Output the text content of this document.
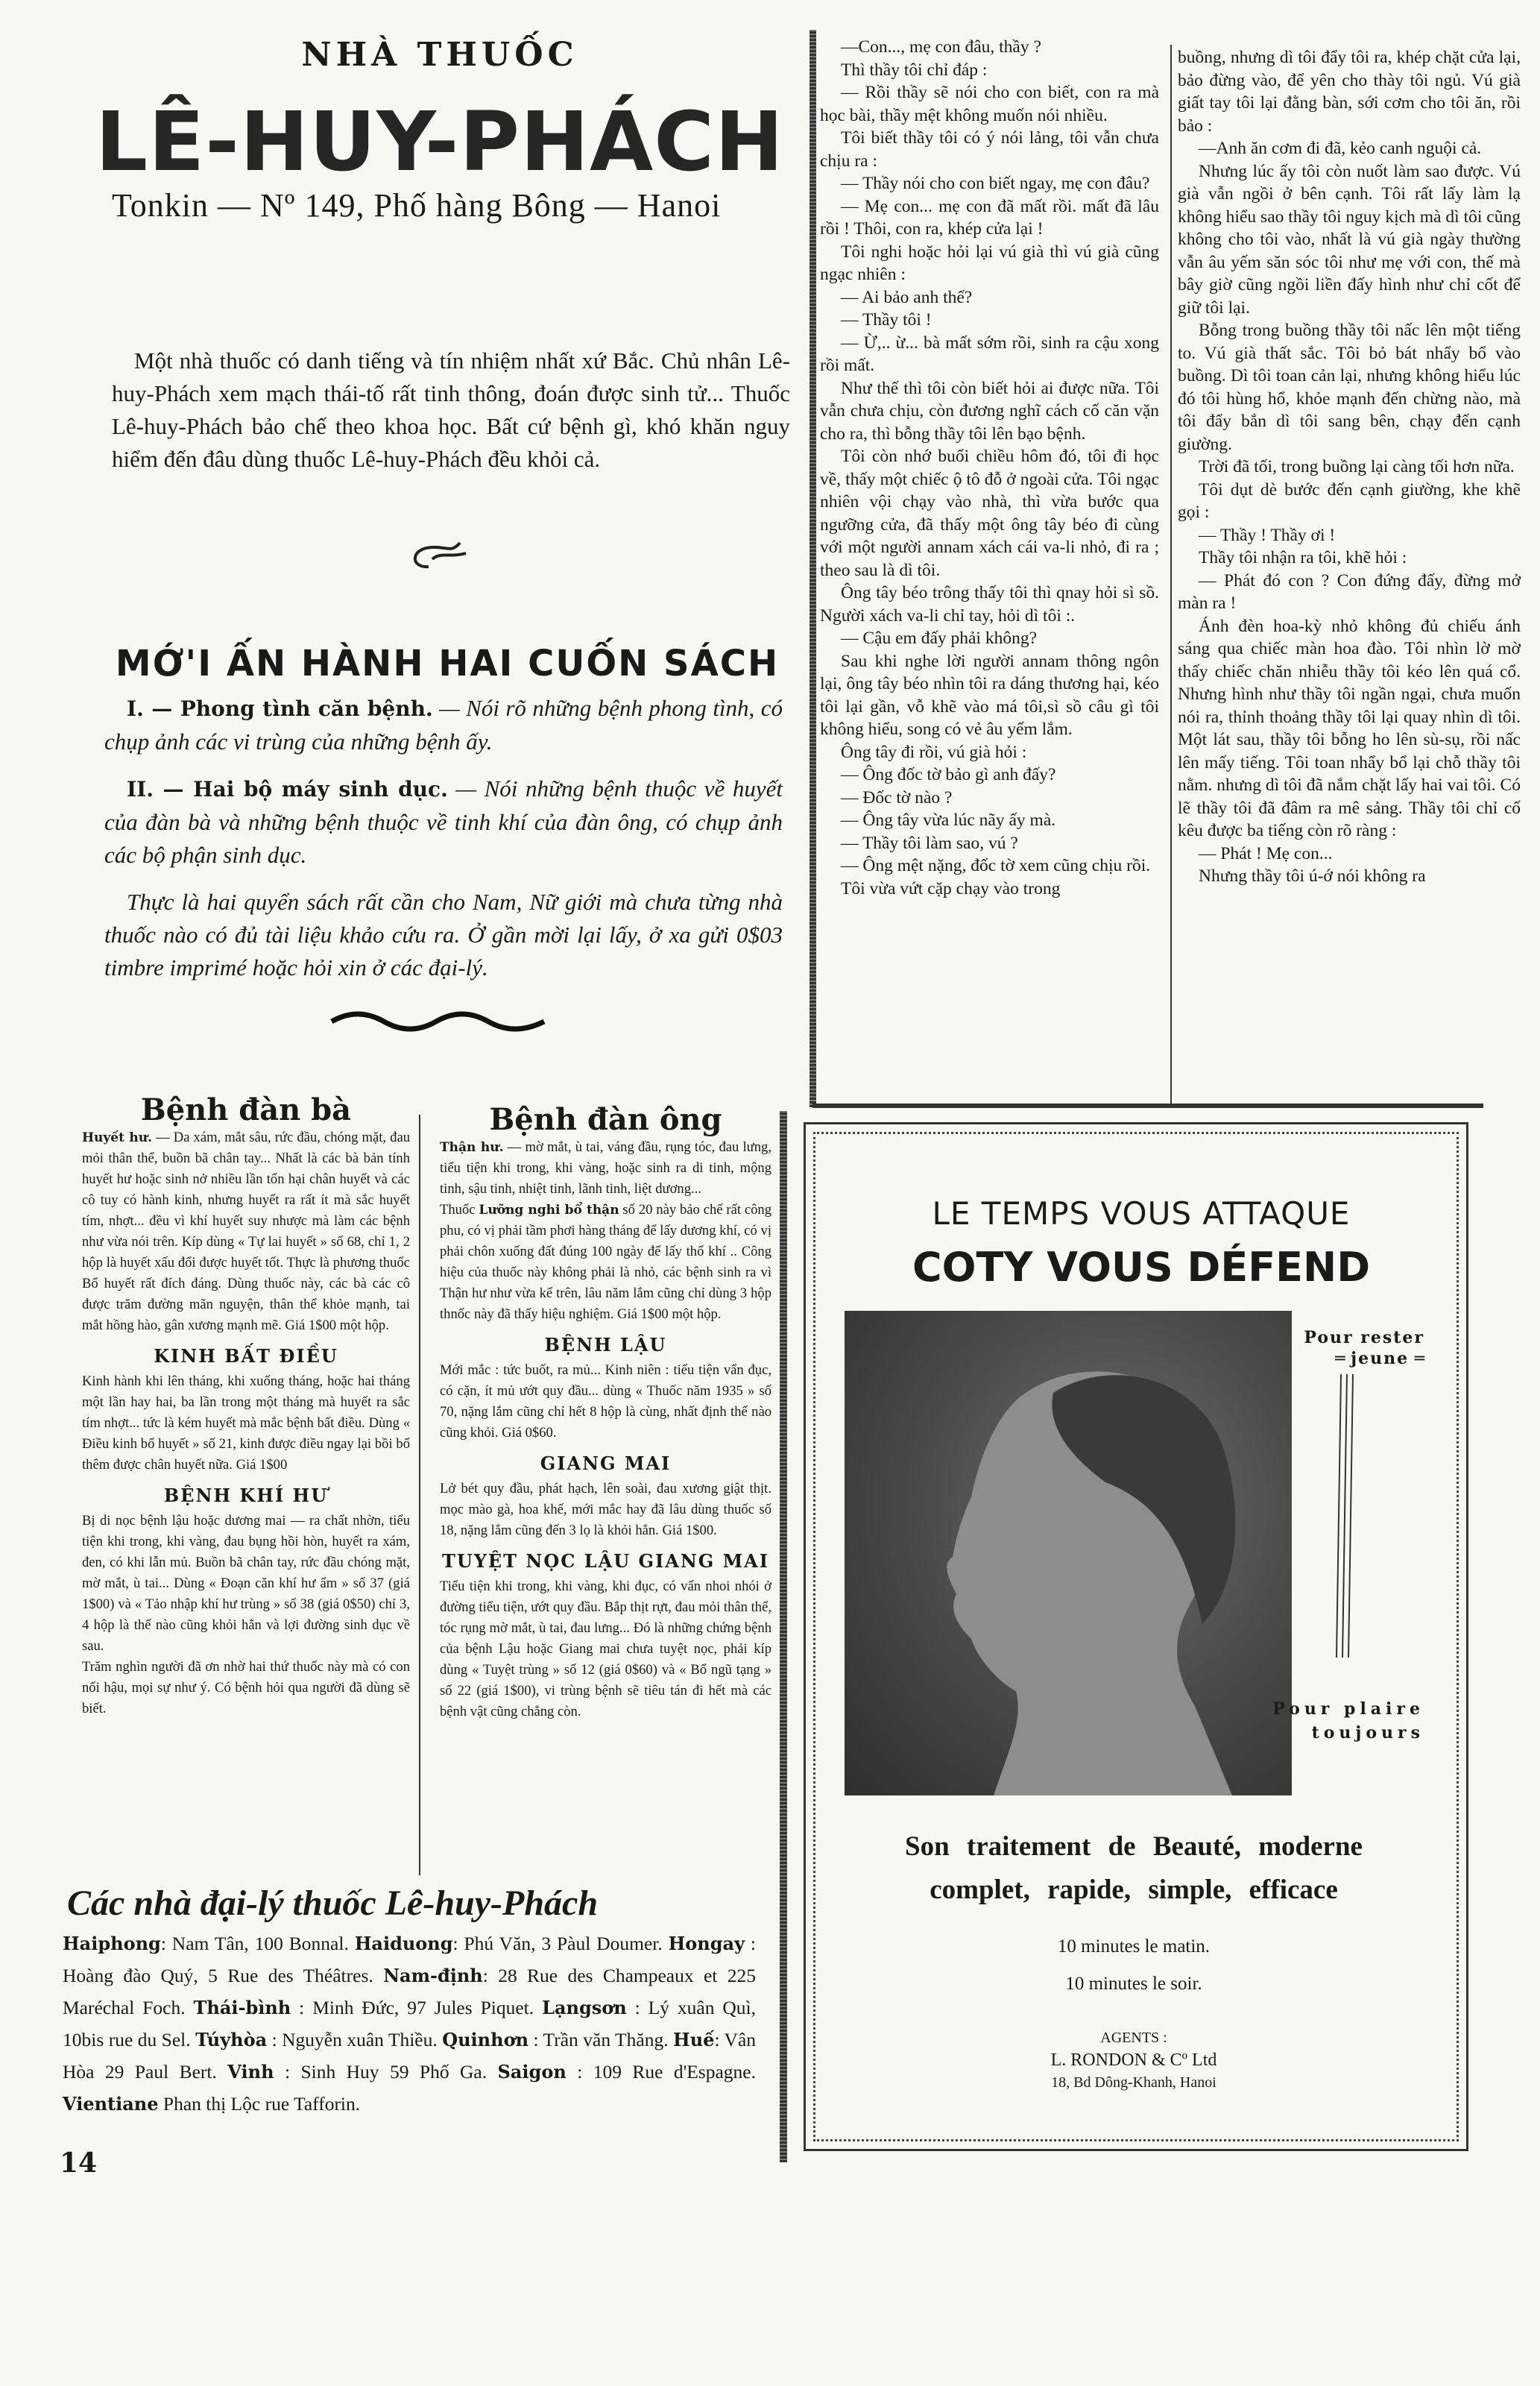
NHÀ THUỐC
LÊ-HUY-PHÁCH
Tonkin — Nº 149, Phố hàng Bông — Hanoi

Một nhà thuốc có danh tiếng và tín nhiệm nhất xứ Bắc. Chủ nhân Lê-huy-Phách xem mạch thái-tố rất tinh thông, đoán được sinh tử... Thuốc Lê-huy-Phách bảo chế theo khoa học. Bất cứ bệnh gì, khó khăn nguy hiểm đến đâu dùng thuốc Lê-huy-Phách đều khỏi cả.

MỚ'I ẤN HÀNH HAI CUỐN SÁCH
I. — Phong tình căn bệnh. — Nói rõ những bệnh phong tình, có chụp ảnh các vi trùng của những bệnh ấy.
II. — Hai bộ máy sinh dục. — Nói những bệnh thuộc về huyết của đàn bà và những bệnh thuộc về tinh khí của đàn ông, có chụp ảnh các bộ phận sinh dục.
Thực là hai quyển sách rất cần cho Nam, Nữ giới mà chưa từng nhà thuốc nào có đủ tài liệu khảo cứu ra. Ở gần mời lại lấy, ở xa gửi 0$03 timbre imprimé hoặc hỏi xin ở các đại-lý.

—Con..., mẹ con đâu, thầy ?

Thì thầy tôi chỉ đáp :

— Rồi thầy sẽ nói cho con biết, con ra mà học bài, thầy mệt không muốn nói nhiều.

Tôi biết thầy tôi có ý nói lảng, tôi vẫn chưa chịu ra :

— Thầy nói cho con biết ngay, mẹ con đâu?

— Mẹ con... mẹ con đã mất rồi. mất đã lâu rồi ! Thôi, con ra, khép cửa lại !

Tôi nghi hoặc hỏi lại vú già thì vú già cũng ngạc nhiên :

— Ai bảo anh thế?

— Thầy tôi !

— Ừ,.. ừ... bà mất sớm rồi, sinh ra cậu xong rồi mất.

Như thế thì tôi còn biết hỏi ai được nữa. Tôi vẫn chưa chịu, còn đương nghĩ cách cố căn vặn cho ra, thì bỗng thầy tôi lên bạo bệnh.

Tôi còn nhớ buổi chiều hôm đó, tôi đi học về, thấy một chiếc ộ tô đỗ ở ngoài cửa. Tôi ngạc nhiên vội chạy vào nhà, thì vừa bước qua ngưỡng cửa, đã thấy một ông tây béo đi cùng với một người annam xách cái va-li nhỏ, đi ra ; theo sau là dì tôi.

Ông tây béo trông thấy tôi thì qnay hỏi sì sồ. Người xách va-li chỉ tay, hỏi dì tôi :.

— Cậu em đấy phải không?

Sau khi nghe lời người annam thông ngôn lại, ông tây béo nhìn tôi ra dáng thương hại, kéo tôi lại gần, vỗ khẽ vào má tôi,sì sồ câu gì tôi không hiểu, song có vẻ âu yếm lắm.

Ông tây đi rồi, vú già hỏi :

— Ông đốc tờ bảo gì anh đấy?

— Đốc tờ nào ?

— Ông tây vừa lúc nãy ấy mà.

— Thầy tôi làm sao, vú ?

— Ông mệt nặng, đốc tờ xem cũng chịu rồi.

Tôi vừa vứt cặp chạy vào trong

buồng, nhưng dì tôi đẩy tôi ra, khép chặt cửa lại, bảo đừng vào, để yên cho thày tôi ngủ. Vú già giất tay tôi lại đằng bàn, sới cơm cho tôi ăn, rồi bảo :

—Anh ăn cơm đi đã, kẻo canh nguội cả.

Nhưng lúc ấy tôi còn nuốt làm sao được. Vú già vẫn ngồi ở bên cạnh. Tôi rất lấy làm lạ không hiểu sao thầy tôi nguy kịch mà dì tôi cũng không cho tôi vào, nhất là vú già ngày thường vẫn âu yếm săn sóc tôi như mẹ với con, thế mà bây giờ cũng ngồi liền đấy hình như chỉ cốt để giữ tôi lại.

Bỗng trong buồng thầy tôi nấc lên một tiếng to. Vú già thất sắc. Tôi bỏ bát nhẩy bổ vào buồng. Dì tôi toan cản lại, nhưng không hiểu lúc đó tôi hùng hổ, khỏe mạnh đến chừng nào, mà tôi đẩy bắn dì tôi sang bên, chạy đến cạnh giường.

Trời đã tối, trong buồng lại càng tối hơn nữa.

Tôi dụt dè bước đến cạnh giường, khe khẽ gọi :

— Thầy ! Thầy ơi !

Thầy tôi nhận ra tôi, khẽ hỏi :

— Phát đó con ? Con đứng đấy, đừng mở màn ra !

Ánh đèn hoa-kỳ nhỏ không đủ chiếu ánh sáng qua chiếc màn hoa đào. Tôi nhìn lờ mờ thấy chiếc chăn nhiễu thầy tôi kéo lên quá cổ. Nhưng hình như thầy tôi ngần ngại, chưa muốn nói ra, thỉnh thoảng thầy tôi lại quay nhìn dì tôi. Một lát sau, thầy tôi bỗng ho lên sù-sụ, rồi nấc lên mấy tiếng. Tôi toan nhẩy bổ lại chỗ thầy tôi nằm. nhưng dì tôi đã nắm chặt lấy hai vai tôi. Có lẽ thầy tôi đã đâm ra mê sảng. Thầy tôi chỉ cố kêu được ba tiếng còn rõ ràng :

— Phát ! Mẹ con...

Nhưng thầy tôi ú-ớ nói không ra

Bệnh đàn bà

Huyết hư. — Da xám, mắt sâu, rức đầu, chóng mặt, đau mỏi thân thể, buồn bã chân tay... Nhất là các bà bản tính huyết hư hoặc sinh nở nhiều lần tổn hại chân huyết và các cô tuy có hành kinh, nhưng huyết ra rất ít mà sắc huyết tím, nhợt... đều vì khí huyết suy nhược mà làm các bệnh như vừa nói trên. Kíp dùng « Tự lai huyết » số 68, chỉ 1, 2 hộp là huyết xấu đổi được huyết tốt. Thực là phương thuốc Bổ huyết rất đích đáng. Dùng thuốc này, các bà các cô được trăm đường mãn nguyện, thân thể khỏe mạnh, tai mắt hồng hào, gân xương mạnh mẽ. Giá 1$00 một hộp.

KINH BẤT ĐIỀU

Kinh hành khi lên tháng, khi xuống tháng, hoặc hai tháng một lần hay hai, ba lần trong một tháng mà huyết ra sắc tím nhợt... tức là kém huyết mà mắc bệnh bất điều. Dùng « Điều kinh bổ huyết » số 21, kinh được điều ngay lại bồi bổ thêm được chân huyết nữa. Giá 1$00

BỆNH KHÍ HƯ

Bị di nọc bệnh lậu hoặc dương mai — ra chất nhờn, tiểu tiện khi trong, khi vàng, đau bụng hồi hòn, huyết ra xám, đen, có khi lẫn mủ. Buồn bã chân tay, rức đầu chóng mặt, mờ mắt, ù tai... Dùng « Đoạn căn khí hư ẩm » số 37 (giá 1$00) và « Tảo nhập khí hư trùng » số 38 (giá 0$50) chỉ 3, 4 hộp là thế nào cũng khỏi hẳn và lợi đường sinh dục về sau.

Trăm nghìn người đã ơn nhờ hai thứ thuốc này mà có con nối hậu, mọi sự như ý. Có bệnh hỏi qua người đã dùng sẽ biết.

Bệnh đàn ông

Thận hư. — mờ mắt, ù tai, váng đầu, rụng tóc, đau lưng, tiểu tiện khi trong, khi vàng, hoặc sinh ra di tinh, mộng tinh, sậu tinh, nhiệt tinh, lãnh tinh, liệt dương...

Thuốc Lưỡng nghi bổ thận số 20 này bảo chế rất công phu, có vị phải tầm phơi hàng tháng để lấy dương khí, có vị phải chôn xuống đất đúng 100 ngày để lấy thổ khí .. Công hiệu của thuốc này không phải là nhỏ, các bệnh sinh ra vì Thận hư như vừa kể trên, lâu năm lắm cũng chỉ dùng 3 hộp thnốc này đã thấy hiệu nghiệm. Giá 1$00 một hộp.

BỆNH LẬU

Mới mắc : tức buốt, ra mủ... Kinh niên : tiểu tiện vẩn đục, có cặn, ít mủ ướt quy đầu... dùng « Thuốc năm 1935 » số 70, nặng lắm cũng chỉ hết 8 hộp là cùng, nhất định thế nào cũng khỏi. Giá 0$60.

GIANG MAI

Lở bét quy đầu, phát hạch, lên soài, đau xương giật thịt. mọc mào gà, hoa khế, mới mắc hay đã lâu dùng thuốc số 18, nặng lắm cũng đến 3 lọ là khỏi hẳn. Giá 1$00.

TUYỆT NỌC LẬU GIANG MAI

Tiểu tiện khi trong, khi vàng, khi đục, có vẩn nhoi nhói ở đường tiểu tiện, ướt quy đầu. Bắp thịt rựt, đau mỏi thân thể, tóc rụng mờ mắt, ù tai, đau lưng... Đó là những chứng bệnh của bệnh Lậu hoặc Giang mai chưa tuyệt nọc, phải kíp dùng « Tuyệt trùng » số 12 (giá 0$60) và « Bổ ngũ tạng » số 22 (giá 1$00), vi trùng bệnh sẽ tiêu tán đi hết mà các bệnh vật cũng chẳng còn.

Các nhà đại-lý thuốc Lê-huy-Phách
Haiphong: Nam Tân, 100 Bonnal. Haiduong: Phú Văn, 3 Pàul Doumer. Hongay : Hoàng đào Quý, 5 Rue des Théâtres. Nam-định: 28 Rue des Champeaux et 225 Maréchal Foch. Thái-bình : Minh Đức, 97 Jules Piquet. Lạngsơn : Lý xuân Quì, 10bis rue du Sel. Túyhòa : Nguyễn xuân Thiều. Quinhơn : Trần văn Thăng. Huế: Vân Hòa 29 Paul Bert. Vinh : Sinh Huy 59 Phố Ga. Saigon : 109 Rue d'Espagne. Vientiane Phan thị Lộc rue Tafforin.
14
LE TEMPS VOUS ATTAQUE
COTY VOUS DÉFEND
Pour rester
═ jeune ═
Pour plaire
toujours
Son traitement de Beauté, moderne
complet, rapide, simple, efficace
10 minutes le matin.
10 minutes le soir.
AGENTS :
L. RONDON & Cº Ltd
18, Bd Dông-Khanh, Hanoi
